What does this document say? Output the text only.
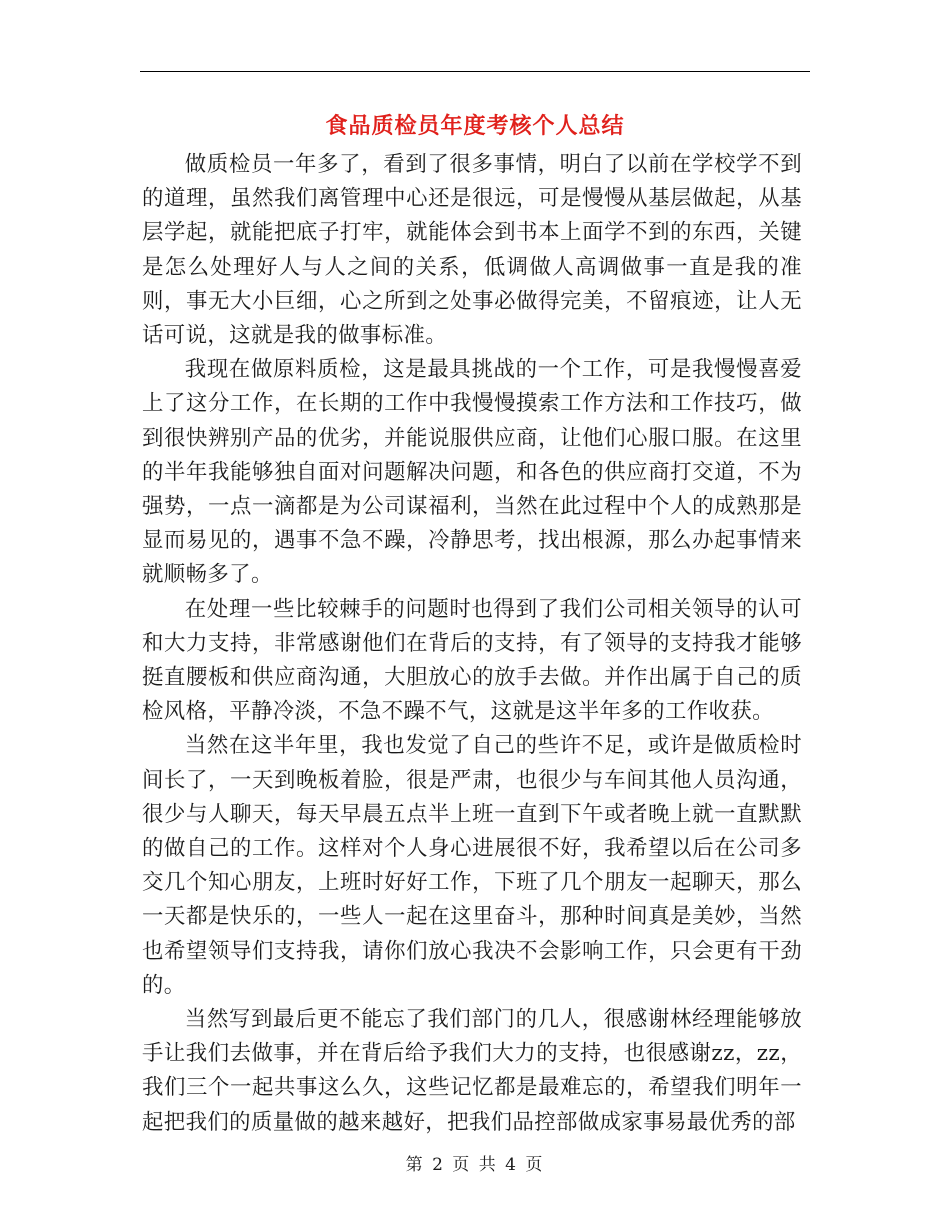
食品质检员年度考核个人总结

做质检员一年多了，看到了很多事情，明白了以前在学校学不到的道理，虽然我们离管理中心还是很远，可是慢慢从基层做起，从基层学起，就能把底子打牢，就能体会到书本上面学不到的东西，关键是怎么处理好人与人之间的关系，低调做人高调做事一直是我的准则，事无大小巨细，心之所到之处事必做得完美，不留痕迹，让人无话可说，这就是我的做事标准。

我现在做原料质检，这是最具挑战的一个工作，可是我慢慢喜爱上了这分工作，在长期的工作中我慢慢摸索工作方法和工作技巧，做到很快辨别产品的优劣，并能说服供应商，让他们心服口服。在这里的半年我能够独自面对问题解决问题，和各色的供应商打交道，不为强势，一点一滴都是为公司谋福利，当然在此过程中个人的成熟那是显而易见的，遇事不急不躁，冷静思考，找出根源，那么办起事情来就顺畅多了。

在处理一些比较棘手的问题时也得到了我们公司相关领导的认可和大力支持，非常感谢他们在背后的支持，有了领导的支持我才能够挺直腰板和供应商沟通，大胆放心的放手去做。并作出属于自己的质检风格，平静冷淡，不急不躁不气，这就是这半年多的工作收获。

当然在这半年里，我也发觉了自己的些许不足，或许是做质检时间长了，一天到晚板着脸，很是严肃，也很少与车间其他人员沟通，很少与人聊天，每天早晨五点半上班一直到下午或者晚上就一直默默的做自己的工作。这样对个人身心进展很不好，我希望以后在公司多交几个知心朋友，上班时好好工作，下班了几个朋友一起聊天，那么一天都是快乐的，一些人一起在这里奋斗，那种时间真是美妙，当然也希望领导们支持我，请你们放心我决不会影响工作，只会更有干劲的。

当然写到最后更不能忘了我们部门的几人，很感谢林经理能够放手让我们去做事，并在背后给予我们大力的支持，也很感谢zz，zz，我们三个一起共事这么久，这些记忆都是最难忘的，希望我们明年一起把我们的质量做的越来越好，把我们品控部做成家事易最优秀的部

第 2 页 共 4 页
